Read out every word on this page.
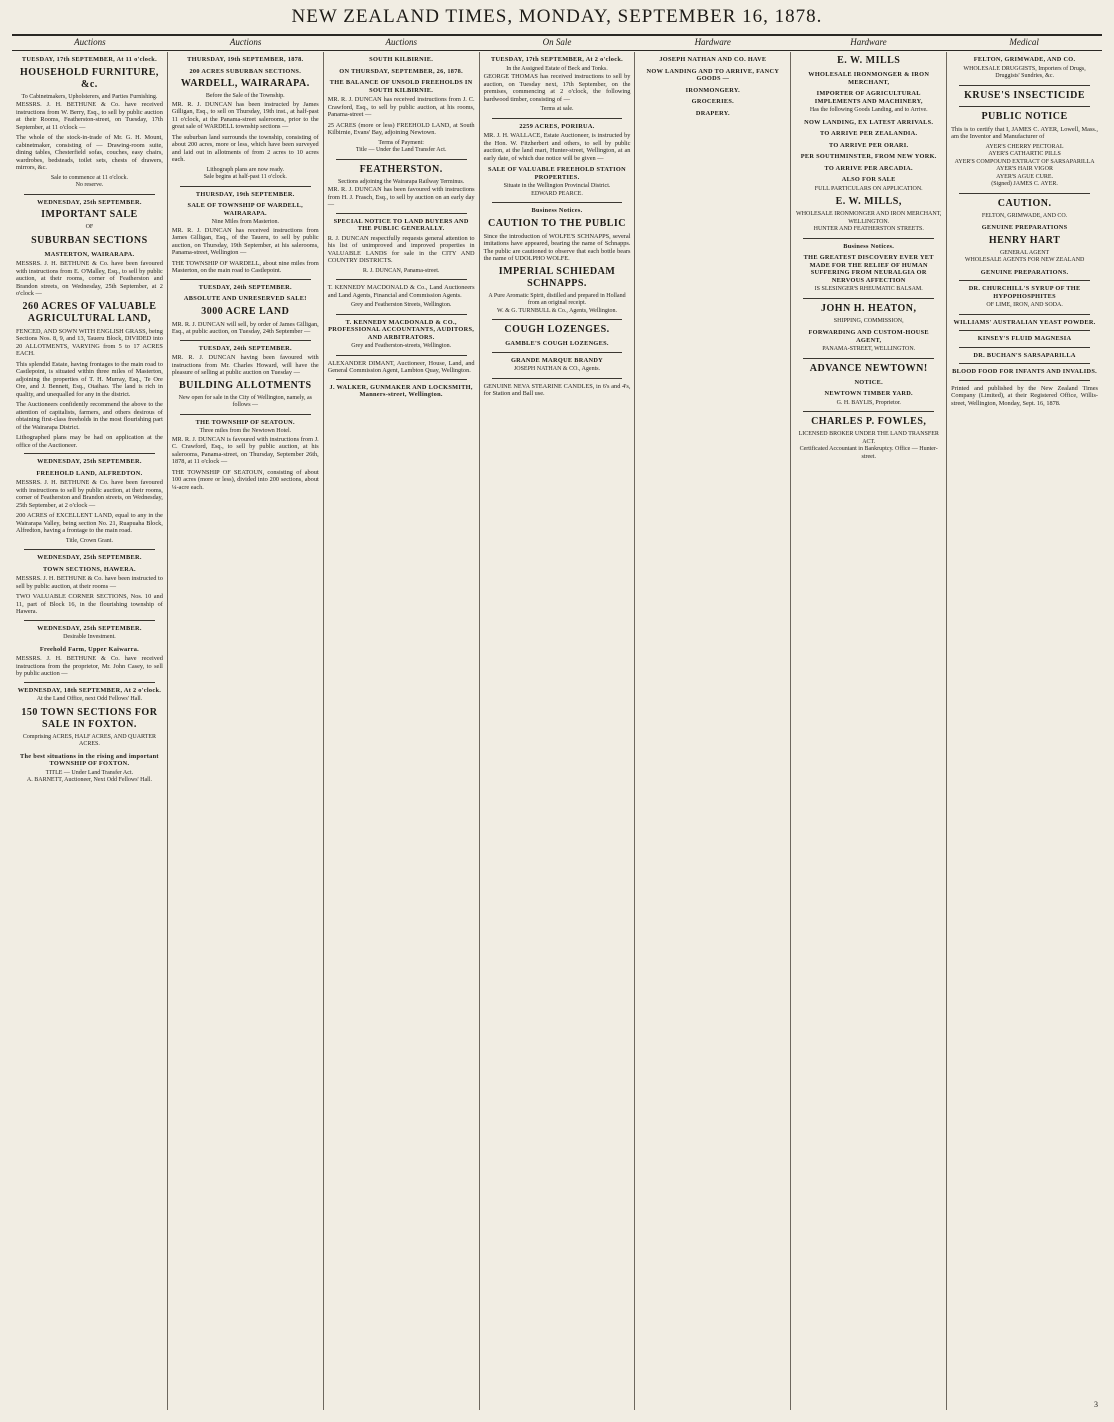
NEW ZEALAND TIMES, MONDAY, SEPTEMBER 16, 1878.
Auctions	Auctions	Auctions	On Sale	Hardware	Hardware	Medical
TUESDAY, 17th SEPTEMBER, At 11 o'clock.
HOUSEHOLD FURNITURE, &c.
To Cabinetmakers, Upholsterers, and Parties Furnishing.

MESSRS. J. H. BETHUNE & Co. have received instructions from W. Berry, Esq., to sell by public auction at their Rooms, Featherston-street, on Tuesday, 17th September, at 11 o'clock —

The whole of the stock-in-trade of Mr. G. H. Mount, cabinetmaker, consisting of — Drawing-room suite, dining tables, Chesterfield sofas, couches, easy chairs, wardrobes, bedsteads, toilet sets, chests of drawers, mirrors, &c.

Sale to commence at 11 o'clock.
No reserve.
WEDNESDAY, 25th SEPTEMBER.
IMPORTANT SALE
OF
SUBURBAN SECTIONS
MASTERTON, WAIRARAPA.

MESSRS. J. H. BETHUNE & Co. have been favoured with instructions from E. O'Malley, Esq., to sell by public auction, at their rooms, corner of Featherston and Brandon streets, on Wednesday, 25th September, at 2 o'clock —

260 ACRES OF VALUABLE AGRICULTURAL LAND,

FENCED, AND SOWN WITH ENGLISH GRASS, being Sections Nos. 8, 9, and 13, Taueru Block, DIVIDED into 20 ALLOTMENTS, VARYING from 5 to 17 ACRES EACH.

This splendid Estate, having frontages to the main road to Castlepoint, is situated within three miles of Masterton, adjoining the properties of T. H. Murray, Esq., Te Ore Ore, and J. Bennett, Esq., Otaihao. The land is rich in quality, and unequalled for any in the district.

The Auctioneers confidently recommend the above to the attention of capitalists, farmers, and others desirous of obtaining first-class freeholds in the most flourishing part of the Wairarapa District.

Lithographed plans may be had on application at the office of the Auctioneer.

WEDNESDAY, 25th SEPTEMBER.
FREEHOLD LAND, ALFREDTON.

MESSRS. J. H. BETHUNE & Co. have been favoured with instructions to sell by public auction, at their rooms, corner of Featherston and Brandon streets, on Wednesday, 25th September, at 2 o'clock —

200 ACRES of EXCELLENT LAND, equal to any in the Wairarapa Valley, being section No. 21, Ruapuaha Block, Alfredton, having a frontage to the main road.

Title, Crown Grant.
WEDNESDAY, 25th SEPTEMBER.
TOWN SECTIONS, HAWERA.

MESSRS. J. H. BETHUNE & Co. have been instructed to sell by public auction, at their rooms —

TWO VALUABLE CORNER SECTIONS, Nos. 10 and 11, part of Block 16, in the flourishing township of Hawera.

WEDNESDAY, 25th SEPTEMBER.
Desirable Investment.
Freehold Farm, Upper Kaiwarra.

MESSRS. J. H. BETHUNE & Co. have received instructions from the proprietor, Mr. John Casey, to sell by public auction —

WEDNESDAY, 18th SEPTEMBER, At 2 o'clock.
At the Land Office, next Odd Fellows' Hall.
150 TOWN SECTIONS FOR SALE IN FOXTON.
Comprising ACRES, HALF ACRES, AND QUARTER ACRES.
The best situations in the rising and important TOWNSHIP OF FOXTON.
TITLE — Under Land Transfer Act.
A. BARNETT, Auctioneer, Next Odd Fellows' Hall.
THURSDAY, 19th SEPTEMBER, 1878.
200 ACRES SUBURBAN SECTIONS.
WARDELL, WAIRARAPA.
Before the Sale of the Township.

MR. R. J. DUNCAN has been instructed by James Gilligan, Esq., to sell on Thursday, 19th inst., at half-past 11 o'clock, at the Panama-street salerooms, prior to the great sale of WARDELL township sections —

The suburban land surrounds the township, consisting of about 200 acres, more or less, which have been surveyed and laid out in allotments of from 2 acres to 10 acres each.

Lithograph plans are now ready.
Sale begins at half-past 11 o'clock.
THURSDAY, 19th SEPTEMBER.
SALE OF TOWNSHIP OF WARDELL, WAIRARAPA.
Nine Miles from Masterton.

MR. R. J. DUNCAN has received instructions from James Gilligan, Esq., of the Taueru, to sell by public auction, on Thursday, 19th September, at his salerooms, Panama-street, Wellington —

THE TOWNSHIP OF WARDELL, about nine miles from Masterton, on the main road to Castlepoint.

TUESDAY, 24th SEPTEMBER.
ABSOLUTE AND UNRESERVED SALE!
3000 ACRE LAND

MR. R. J. DUNCAN will sell, by order of James Gilligan, Esq., at public auction, on Tuesday, 24th September —

TUESDAY, 24th SEPTEMBER.

MR. R. J. DUNCAN having been favoured with instructions from Mr. Charles Howard, will have the pleasure of selling at public auction on Tuesday —

BUILDING ALLOTMENTS
New open for sale in the City of Wellington, namely, as follows —
THE TOWNSHIP OF SEATOUN.
Three miles from the Newtown Hotel.

MR. R. J. DUNCAN is favoured with instructions from J. C. Crawford, Esq., to sell by public auction, at his salerooms, Panama-street, on Thursday, September 26th, 1878, at 11 o'clock —

THE TOWNSHIP OF SEATOUN, consisting of about 100 acres (more or less), divided into 200 sections, about ¼-acre each.

SOUTH KILBIRNIE.
ON THURSDAY, SEPTEMBER, 26, 1878.
THE BALANCE OF UNSOLD FREEHOLDS IN SOUTH KILBIRNIE.

MR. R. J. DUNCAN has received instructions from J. C. Crawford, Esq., to sell by public auction, at his rooms, Panama-street —

25 ACRES (more or less) FREEHOLD LAND, at South Kilbirnie, Evans' Bay, adjoining Newtown.

Terms of Payment:
Title — Under the Land Transfer Act.
FEATHERSTON.
Sections adjoining the Wairarapa Railway Terminus.

MR. R. J. DUNCAN has been favoured with instructions from H. J. Frasch, Esq., to sell by auction on an early day —

SPECIAL NOTICE TO LAND BUYERS AND THE PUBLIC GENERALLY.

R. J. DUNCAN respectfully requests general attention to his list of unimproved and improved properties in VALUABLE LANDS for sale in the CITY AND COUNTRY DISTRICTS.

R. J. DUNCAN, Panama-street.

T. KENNEDY MACDONALD & Co., Land Auctioneers and Land Agents, Financial and Commission Agents.

Grey and Featherston Streets, Wellington.
T. KENNEDY MACDONALD & CO., PROFESSIONAL ACCOUNTANTS, AUDITORS, AND ARBITRATORS.
Grey and Featherston-streets, Wellington.

ALEXANDER DIMANT, Auctioneer, House, Land, and General Commission Agent, Lambton Quay, Wellington.

J. WALKER, GUNMAKER AND LOCKSMITH, Manners-street, Wellington.
TUESDAY, 17th SEPTEMBER, At 2 o'clock.
In the Assigned Estate of Beck and Tonks.

GEORGE THOMAS has received instructions to sell by auction, on Tuesday next, 17th September, on the premises, commencing at 2 o'clock, the following hardwood timber, consisting of —

Terms at sale.
2259 ACRES, PORIRUA.

MR. J. H. WALLACE, Estate Auctioneer, is instructed by the Hon. W. Fitzherbert and others, to sell by public auction, at the land mart, Hunter-street, Wellington, at an early date, of which due notice will be given —

SALE OF VALUABLE FREEHOLD STATION PROPERTIES.
Situate in the Wellington Provincial District.
EDWARD PEARCE.
Business Notices.
CAUTION TO THE PUBLIC

Since the introduction of WOLFE'S SCHNAPPS, several imitations have appeared, bearing the name of Schnapps. The public are cautioned to observe that each bottle bears the name of UDOLPHO WOLFE.

IMPERIAL SCHIEDAM SCHNAPPS.
A Pure Aromatic Spirit, distilled and prepared in Holland from an original receipt.
W. & G. TURNBULL & Co., Agents, Wellington.
COUGH LOZENGES.
GAMBLE'S COUGH LOZENGES.
GRANDE MARQUE BRANDY
JOSEPH NATHAN & CO., Agents.

GENUINE NEVA STEARINE CANDLES, in 6's and 4's, for Station and Ball use.

JOSEPH NATHAN AND CO. HAVE
NOW LANDING AND TO ARRIVE, FANCY GOODS —
IRONMONGERY.
GROCERIES.
DRAPERY.
E. W. MILLS
WHOLESALE IRONMONGER & IRON MERCHANT,
IMPORTER OF AGRICULTURAL IMPLEMENTS AND MACHINERY,
Has the following Goods Landing, and to Arrive.
NOW LANDING, EX LATEST ARRIVALS.
TO ARRIVE PER ZEALANDIA.
TO ARRIVE PER ORARI.
PER SOUTHMINSTER, FROM NEW YORK.
TO ARRIVE PER ARCADIA.
ALSO FOR SALE
FULL PARTICULARS ON APPLICATION.
E. W. MILLS,
WHOLESALE IRONMONGER AND IRON MERCHANT, WELLINGTON.
HUNTER AND FEATHERSTON STREETS.
Business Notices.
THE GREATEST DISCOVERY EVER YET MADE FOR THE RELIEF OF HUMAN SUFFERING FROM NEURALGIA OR NERVOUS AFFECTION
IS SLESINGER'S RHEUMATIC BALSAM.
JOHN H. HEATON,
SHIPPING, COMMISSION,
FORWARDING AND CUSTOM-HOUSE AGENT,
PANAMA-STREET, WELLINGTON.
ADVANCE NEWTOWN!
NOTICE.
NEWTOWN TIMBER YARD.
G. H. BAYLIS, Proprietor.
CHARLES P. FOWLES,
LICENSED BROKER UNDER THE LAND TRANSFER ACT.
Certificated Accountant in Bankruptcy. Office — Hunter-street.
FELTON, GRIMWADE, AND CO.
WHOLESALE DRUGGISTS, Importers of Drugs, Druggists' Sundries, &c.
KRUSE'S INSECTICIDE
PUBLIC NOTICE

This is to certify that I, JAMES C. AYER, Lowell, Mass., am the Inventor and Manufacturer of

AYER'S CHERRY PECTORAL
AYER'S CATHARTIC PILLS
AYER'S COMPOUND EXTRACT OF SARSAPARILLA
AYER'S HAIR VIGOR
AYER'S AGUE CURE.
(Signed) JAMES C. AYER.
CAUTION.
FELTON, GRIMWADE, AND CO.
GENUINE PREPARATIONS
HENRY HART
GENERAL AGENT
WHOLESALE AGENTS FOR NEW ZEALAND
GENUINE PREPARATIONS.
DR. CHURCHILL'S SYRUP OF THE HYPOPHOSPHITES
OF LIME, IRON, AND SODA.
WILLIAMS' AUSTRALIAN YEAST POWDER.
KINSEY'S FLUID MAGNESIA
DR. BUCHAN'S SARSAPARILLA
BLOOD FOOD FOR INFANTS AND INVALIDS.

Printed and published by the New Zealand Times Company (Limited), at their Registered Office, Willis-street, Wellington, Monday, Sept. 16, 1878.

3
